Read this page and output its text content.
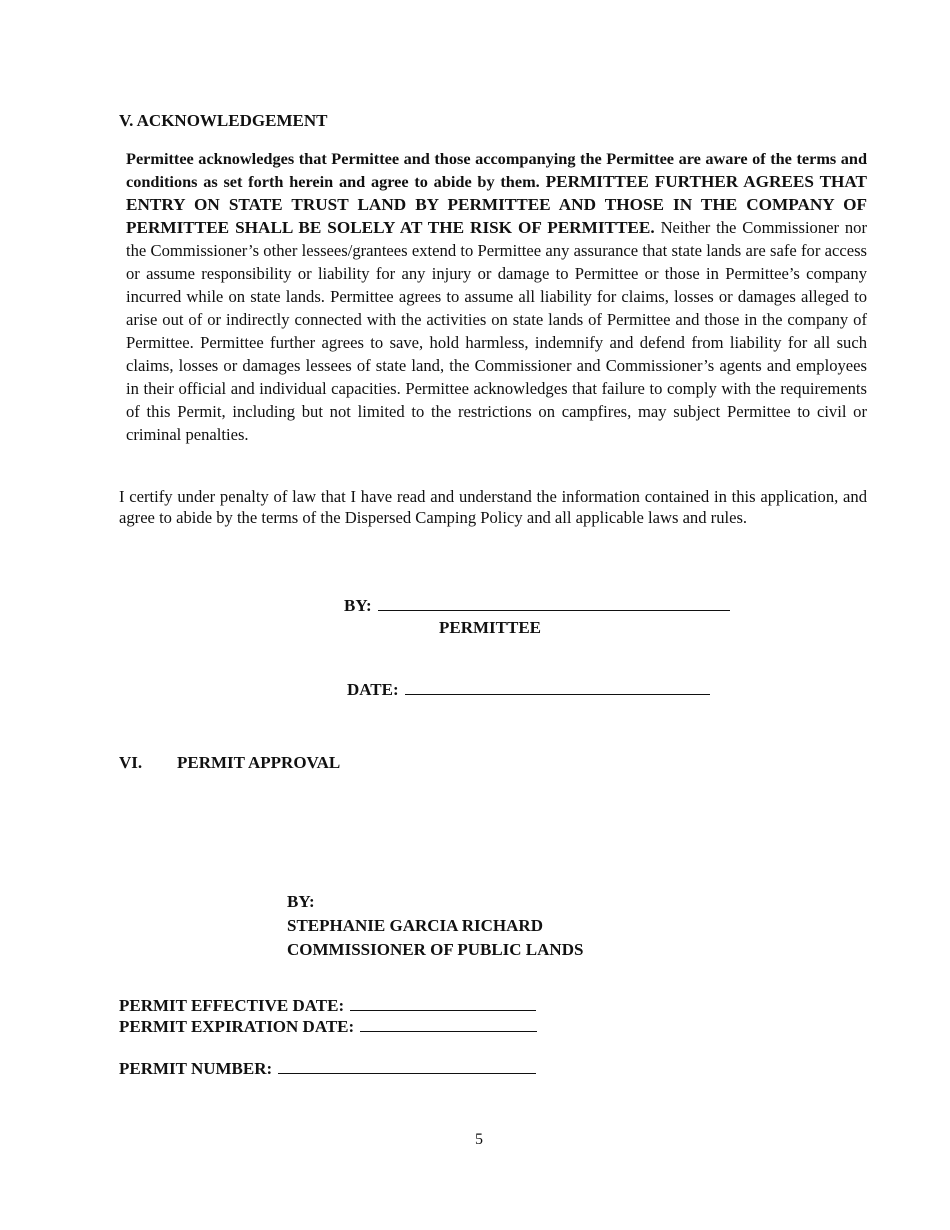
V. ACKNOWLEDGEMENT
Permittee acknowledges that Permittee and those accompanying the Permittee are aware of the terms and conditions as set forth herein and agree to abide by them. PERMITTEE FURTHER AGREES THAT ENTRY ON STATE TRUST LAND BY PERMITTEE AND THOSE IN THE COMPANY OF PERMITTEE SHALL BE SOLELY AT THE RISK OF PERMITTEE. Neither the Commissioner nor the Commissioner’s other lessees/grantees extend to Permittee any assurance that state lands are safe for access or assume responsibility or liability for any injury or damage to Permittee or those in Permittee’s company incurred while on state lands. Permittee agrees to assume all liability for claims, losses or damages alleged to arise out of or indirectly connected with the activities on state lands of Permittee and those in the company of Permittee. Permittee further agrees to save, hold harmless, indemnify and defend from liability for all such claims, losses or damages lessees of state land, the Commissioner and Commissioner’s agents and employees in their official and individual capacities. Permittee acknowledges that failure to comply with the requirements of this Permit, including but not limited to the restrictions on campfires, may subject Permittee to civil or criminal penalties.
I certify under penalty of law that I have read and understand the information contained in this application, and agree to abide by the terms of the Dispersed Camping Policy and all applicable laws and rules.
BY:
PERMITTEE
DATE:
VI. PERMIT APPROVAL
BY:
STEPHANIE GARCIA RICHARD
COMMISSIONER OF PUBLIC LANDS
PERMIT EFFECTIVE DATE:
PERMIT EXPIRATION DATE:
PERMIT NUMBER:
5
